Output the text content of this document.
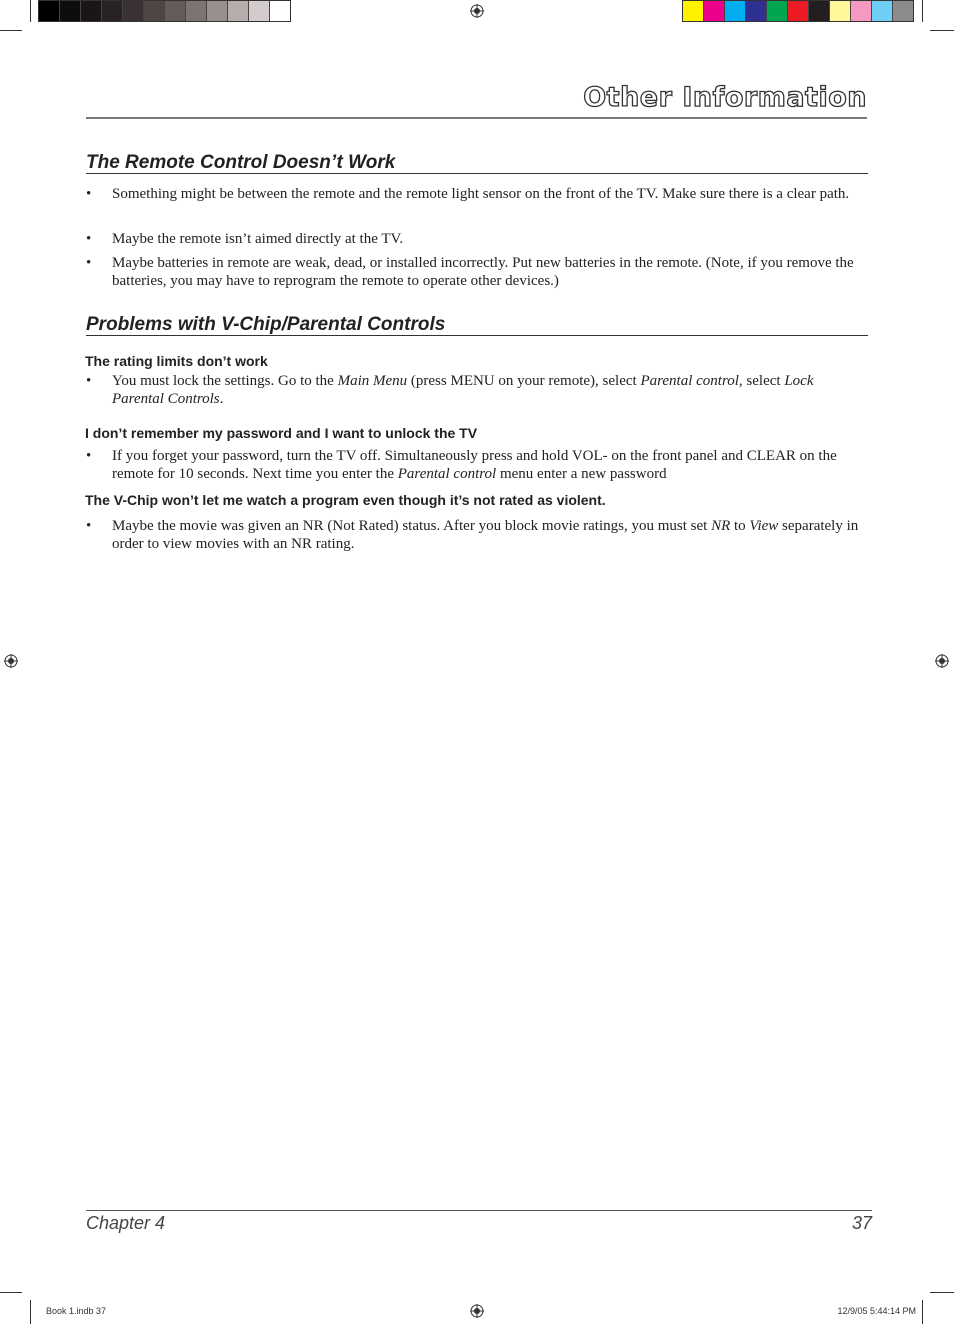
Other Information
The Remote Control Doesn’t Work
• Something might be between the remote and the remote light sensor on the front of the TV. Make sure there is a clear path.
• Maybe the remote isn’t aimed directly at the TV.
• Maybe batteries in remote are weak, dead, or installed incorrectly. Put new batteries in the remote. (Note, if you remove the batteries, you may have to reprogram the remote to operate other devices.)
Problems with V-Chip/Parental Controls
The rating limits don’t work
• You must lock the settings. Go to the Main Menu (press MENU on your remote), select Parental control, select Lock Parental Controls.
I don’t remember my password and I want to unlock the TV
• If you forget your password, turn the TV off. Simultaneously press and hold VOL- on the front panel and CLEAR on the remote for 10 seconds. Next time you enter the Parental control menu enter a new password
The V-Chip won’t let me watch a program even though it’s not rated as violent.
• Maybe the movie was given an NR (Not Rated) status. After you block movie ratings, you must set NR to View separately in order to view movies with an NR rating.
Chapter 4	37
Book 1.indb 37	12/9/05 5:44:14 PM
